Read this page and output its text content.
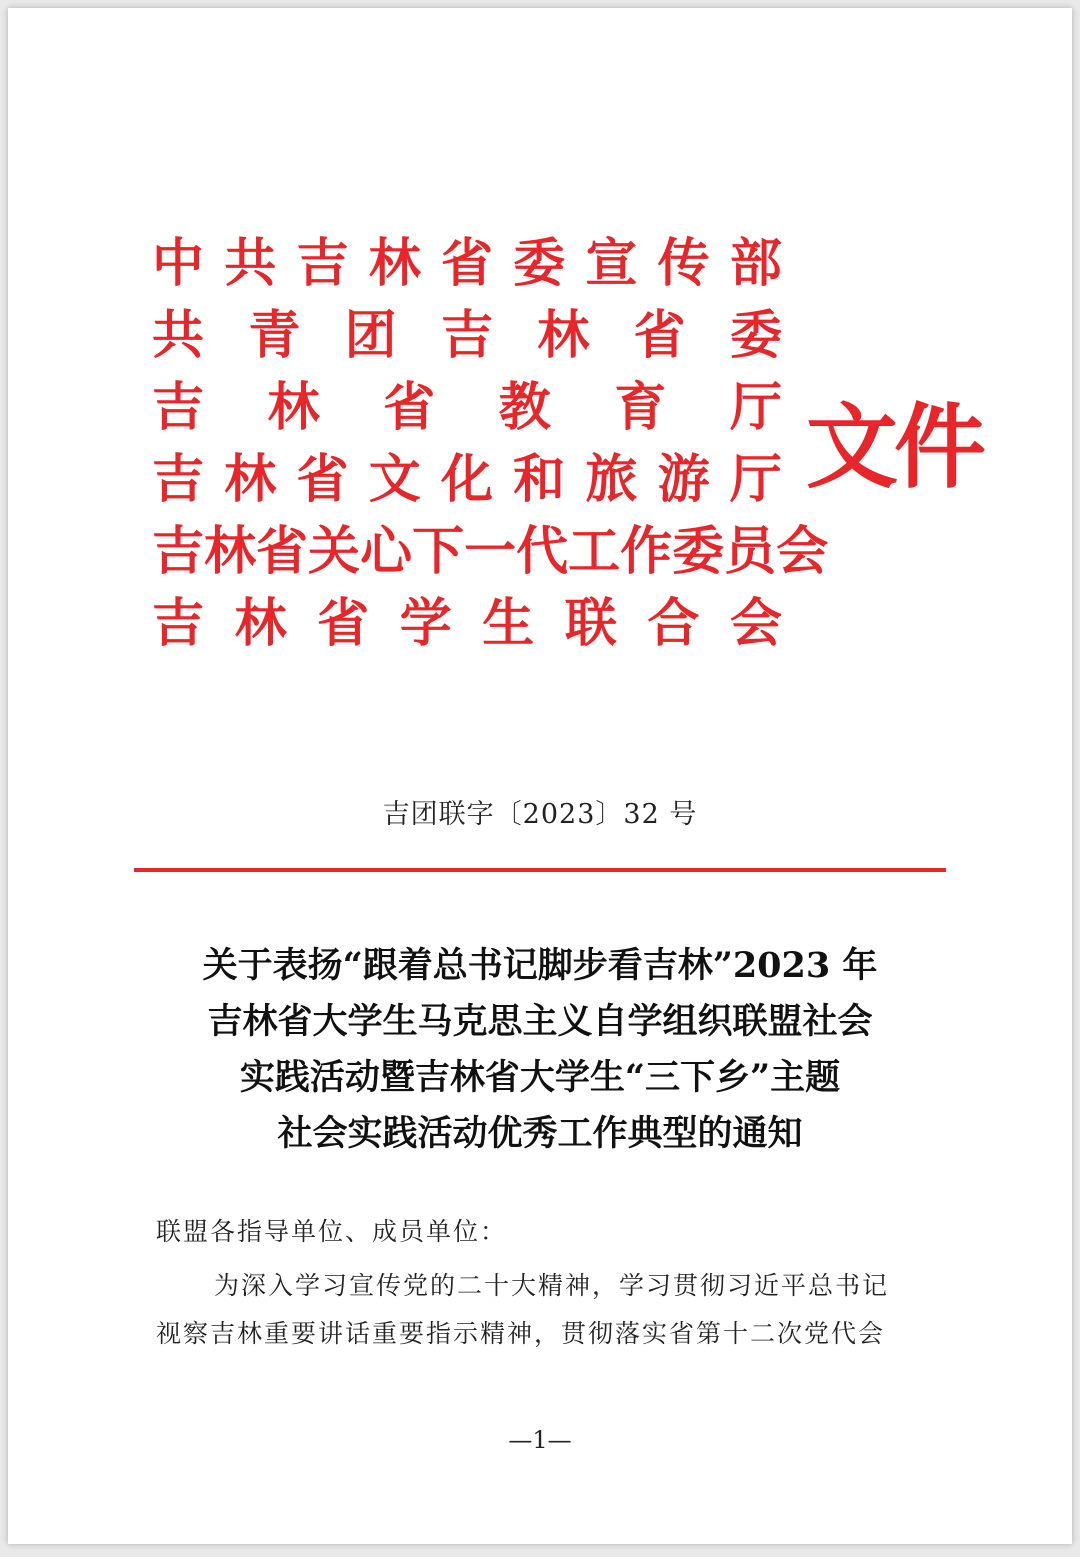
中 共 吉 林 省 委 宣 传 部
共 青 团 吉 林 省 委
吉 林 省 教 育 厅
吉 林 省 文 化 和 旅 游 厅
吉 林 省 关 心 下 一 代 工 作 委 员 会
吉 林 省 学 生 联 合 会
文件
吉团联字〔2023〕32 号
关于表扬“跟着总书记脚步看吉林”2023 年
吉林省大学生马克思主义自学组织联盟社会
实践活动暨吉林省大学生“三下乡”主题
社会实践活动优秀工作典型的通知
联盟各指导单位、成员单位：
为深入学习宣传党的二十大精神，学习贯彻习近平总书记
视察吉林重要讲话重要指示精神，贯彻落实省第十二次党代会
—1—
